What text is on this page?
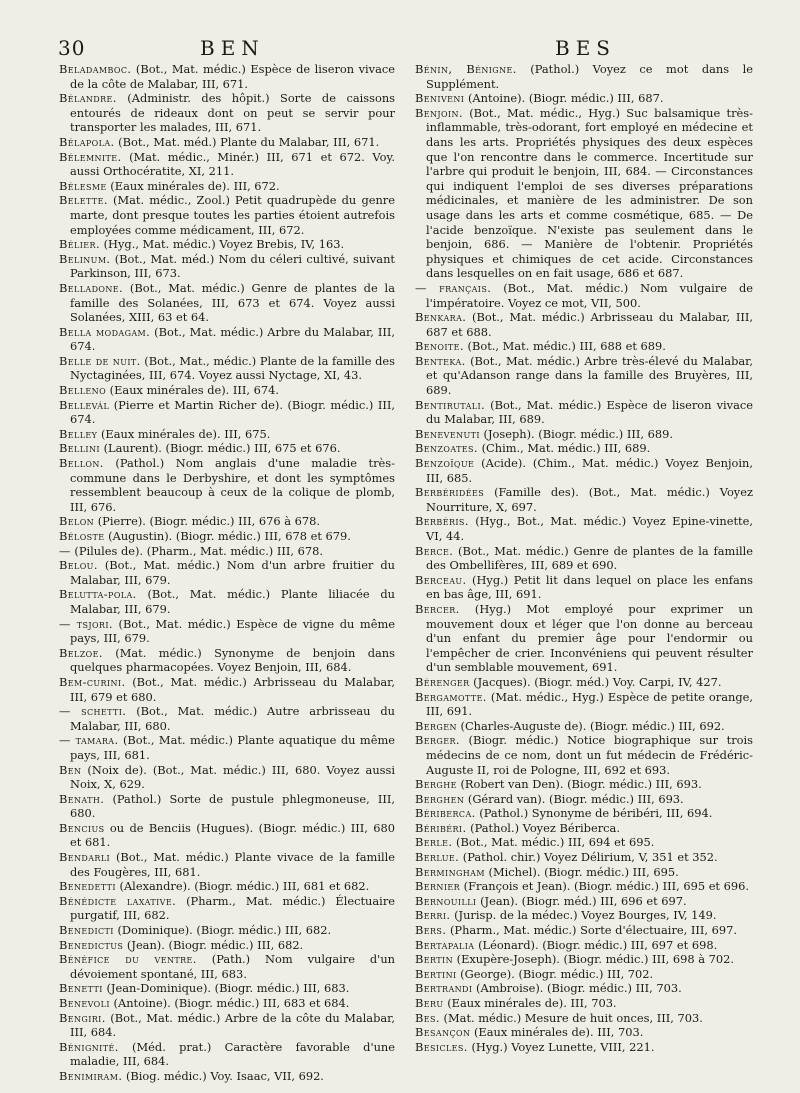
30	BEN	BES
Beladamboc. (Bot., Mat. médic.) Espèce de liseron vivace de la côte de Malabar, III, 671.
Bélandre. (Administr. des hôpit.) Sorte de caissons entourés de rideaux dont on peut se servir pour transporter les malades, III, 671.
Bélapola. (Bot., Mat. méd.) Plante du Malabar, III, 671.
Bélemnite. (Mat. médic., Minér.) III, 671 et 672. Voy. aussi Orthocératite, XI, 211.
Bélesme (Eaux minérales de). III, 672.
Belette. (Mat. médic., Zool.) Petit quadrupède du genre marte, dont presque toutes les parties étoient autrefois employées comme médicament, III, 672.
Bélier. (Hyg., Mat. médic.) Voyez Brebis, IV, 163.
Belinum. (Bot., Mat. méd.) Nom du céleri cultivé, suivant Parkinson, III, 673.
Belladone. (Bot., Mat. médic.) Genre de plantes de la famille des Solanées, III, 673 et 674. Voyez aussi Solanées, XIII, 63 et 64.
Bella modagam. (Bot., Mat. médic.) Arbre du Malabar, III, 674.
Belle de nuit. (Bot., Mat., médic.) Plante de la famille des Nyctaginées, III, 674. Voyez aussi Nyctage, XI, 43.
Belleno (Eaux minérales de). III, 674.
Bellevál (Pierre et Martin Richer de). (Biogr. médic.) III, 674.
Belley (Eaux minérales de). III, 675.
Bellini (Laurent). (Biogr. médic.) III, 675 et 676.
Bellon. (Pathol.) Nom anglais d'une maladie très-commune dans le Derbyshire, et dont les symptômes ressemblent beaucoup à ceux de la colique de plomb, III, 676.
Belon (Pierre). (Biogr. médic.) III, 676 à 678.
Béloste (Augustin). (Biogr. médic.) III, 678 et 679.
— (Pilules de). (Pharm., Mat. médic.) III, 678.
Belou. (Bot., Mat. médic.) Nom d'un arbre fruitier du Malabar, III, 679.
Belutta-pola. (Bot., Mat. médic.) Plante liliacée du Malabar, III, 679.
— tsjori. (Bot., Mat. médic.) Espèce de vigne du même pays, III, 679.
Belzoe. (Mat. médic.) Synonyme de benjoin dans quelques pharmacopées. Voyez Benjoin, III, 684.
Bem-curini. (Bot., Mat. médic.) Arbrisseau du Malabar, III, 679 et 680.
— schetti. (Bot., Mat. médic.) Autre arbrisseau du Malabar, III, 680.
— tamara. (Bot., Mat. médic.) Plante aquatique du même pays, III, 681.
Ben (Noix de). (Bot., Mat. médic.) III, 680. Voyez aussi Noix, X, 629.
Benath. (Pathol.) Sorte de pustule phlegmoneuse, III, 680.
Bencius ou de Benciis (Hugues). (Biogr. médic.) III, 680 et 681.
Bendarli (Bot., Mat. médic.) Plante vivace de la famille des Fougères, III, 681.
Benedetti (Alexandre). (Biogr. médic.) III, 681 et 682.
Bénédicte laxative. (Pharm., Mat. médic.) Électuaire purgatif, III, 682.
Benedicti (Dominique). (Biogr. médic.) III, 682.
Benedictus (Jean). (Biogr. médic.) III, 682.
Bénéfice du ventre. (Path.) Nom vulgaire d'un dévoiement spontané, III, 683.
Benetti (Jean-Dominique). (Biogr. médic.) III, 683.
Benevoli (Antoine). (Biogr. médic.) III, 683 et 684.
Bengiri. (Bot., Mat. médic.) Arbre de la côte du Malabar, III, 684.
Bénignité. (Méd. prat.) Caractère favorable d'une maladie, III, 684.
Benimiram. (Biog. médic.) Voy. Isaac, VII, 692.
Bénin, Bénigne. (Pathol.) Voyez ce mot dans le Supplément.
Beniveni (Antoine). (Biogr. médic.) III, 687.
Benjoin. (Bot., Mat. médic., Hyg.) Suc balsamique très-inflammable, très-odorant, fort employé en médecine et dans les arts. Propriétés physiques des deux espèces que l'on rencontre dans le commerce. Incertitude sur l'arbre qui produit le benjoin, III, 684. — Circonstances qui indiquent l'emploi de ses diverses préparations médicinales, et manière de les administrer. De son usage dans les arts et comme cosmétique, 685. — De l'acide benzoïque. N'existe pas seulement dans le benjoin, 686. — Manière de l'obtenir. Propriétés physiques et chimiques de cet acide. Circonstances dans lesquelles on en fait usage, 686 et 687.
— français. (Bot., Mat. médic.) Nom vulgaire de l'impératoire. Voyez ce mot, VII, 500.
Benkara. (Bot., Mat. médic.) Arbrisseau du Malabar, III, 687 et 688.
Benoite. (Bot., Mat. médic.) III, 688 et 689.
Benteka. (Bot., Mat. médic.) Arbre très-élevé du Malabar, et qu'Adanson range dans la famille des Bruyères, III, 689.
Bentirutali. (Bot., Mat. médic.) Espèce de liseron vivace du Malabar, III, 689.
Benevenuti (Joseph). (Biogr. médic.) III, 689.
Benzoates. (Chim., Mat. médic.) III, 689.
Benzoïque (Acide). (Chim., Mat. médic.) Voyez Benjoin, III, 685.
Berbéridées (Famille des). (Bot., Mat. médic.) Voyez Nourriture, X, 697.
Berbéris. (Hyg., Bot., Mat. médic.) Voyez Epine-vinette, VI, 44.
Berce. (Bot., Mat. médic.) Genre de plantes de la famille des Ombellifères, III, 689 et 690.
Berceau. (Hyg.) Petit lit dans lequel on place les enfans en bas âge, III, 691.
Bercer. (Hyg.) Mot employé pour exprimer un mouvement doux et léger que l'on donne au berceau d'un enfant du premier âge pour l'endormir ou l'empêcher de crier. Inconvéniens qui peuvent résulter d'un semblable mouvement, 691.
Bérenger (Jacques). (Biogr. méd.) Voy. Carpi, IV, 427.
Bergamotte. (Mat. médic., Hyg.) Espèce de petite orange, III, 691.
Bergen (Charles-Auguste de). (Biogr. médic.) III, 692.
Berger. (Biogr. médic.) Notice biographique sur trois médecins de ce nom, dont un fut médecin de Frédéric-Auguste II, roi de Pologne, III, 692 et 693.
Berghe (Robert van Den). (Biogr. médic.) III, 693.
Berghen (Gérard van). (Biogr. médic.) III, 693.
Bériberca. (Pathol.) Synonyme de béribéri, III, 694.
Béribéri. (Pathol.) Voyez Bériberca.
Berle. (Bot., Mat. médic.) III, 694 et 695.
Berlue. (Pathol. chir.) Voyez Délirium, V, 351 et 352.
Bermingham (Michel). (Biogr. médic.) III, 695.
Bernier (François et Jean). (Biogr. médic.) III, 695 et 696.
Bernouilli (Jean). (Biogr. méd.) III, 696 et 697.
Berri. (Jurisp. de la médec.) Voyez Bourges, IV, 149.
Bers. (Pharm., Mat. médic.) Sorte d'électuaire, III, 697.
Bertapalia (Léonard). (Biogr. médic.) III, 697 et 698.
Bertin (Exupère-Joseph). (Biogr. médic.) III, 698 à 702.
Bertini (George). (Biogr. médic.) III, 702.
Bertrandi (Ambroise). (Biogr. médic.) III, 703.
Beru (Eaux minérales de). III, 703.
Bes. (Mat. médic.) Mesure de huit onces, III, 703.
Besançon (Eaux minérales de). III, 703.
Besicles. (Hyg.) Voyez Lunette, VIII, 221.
